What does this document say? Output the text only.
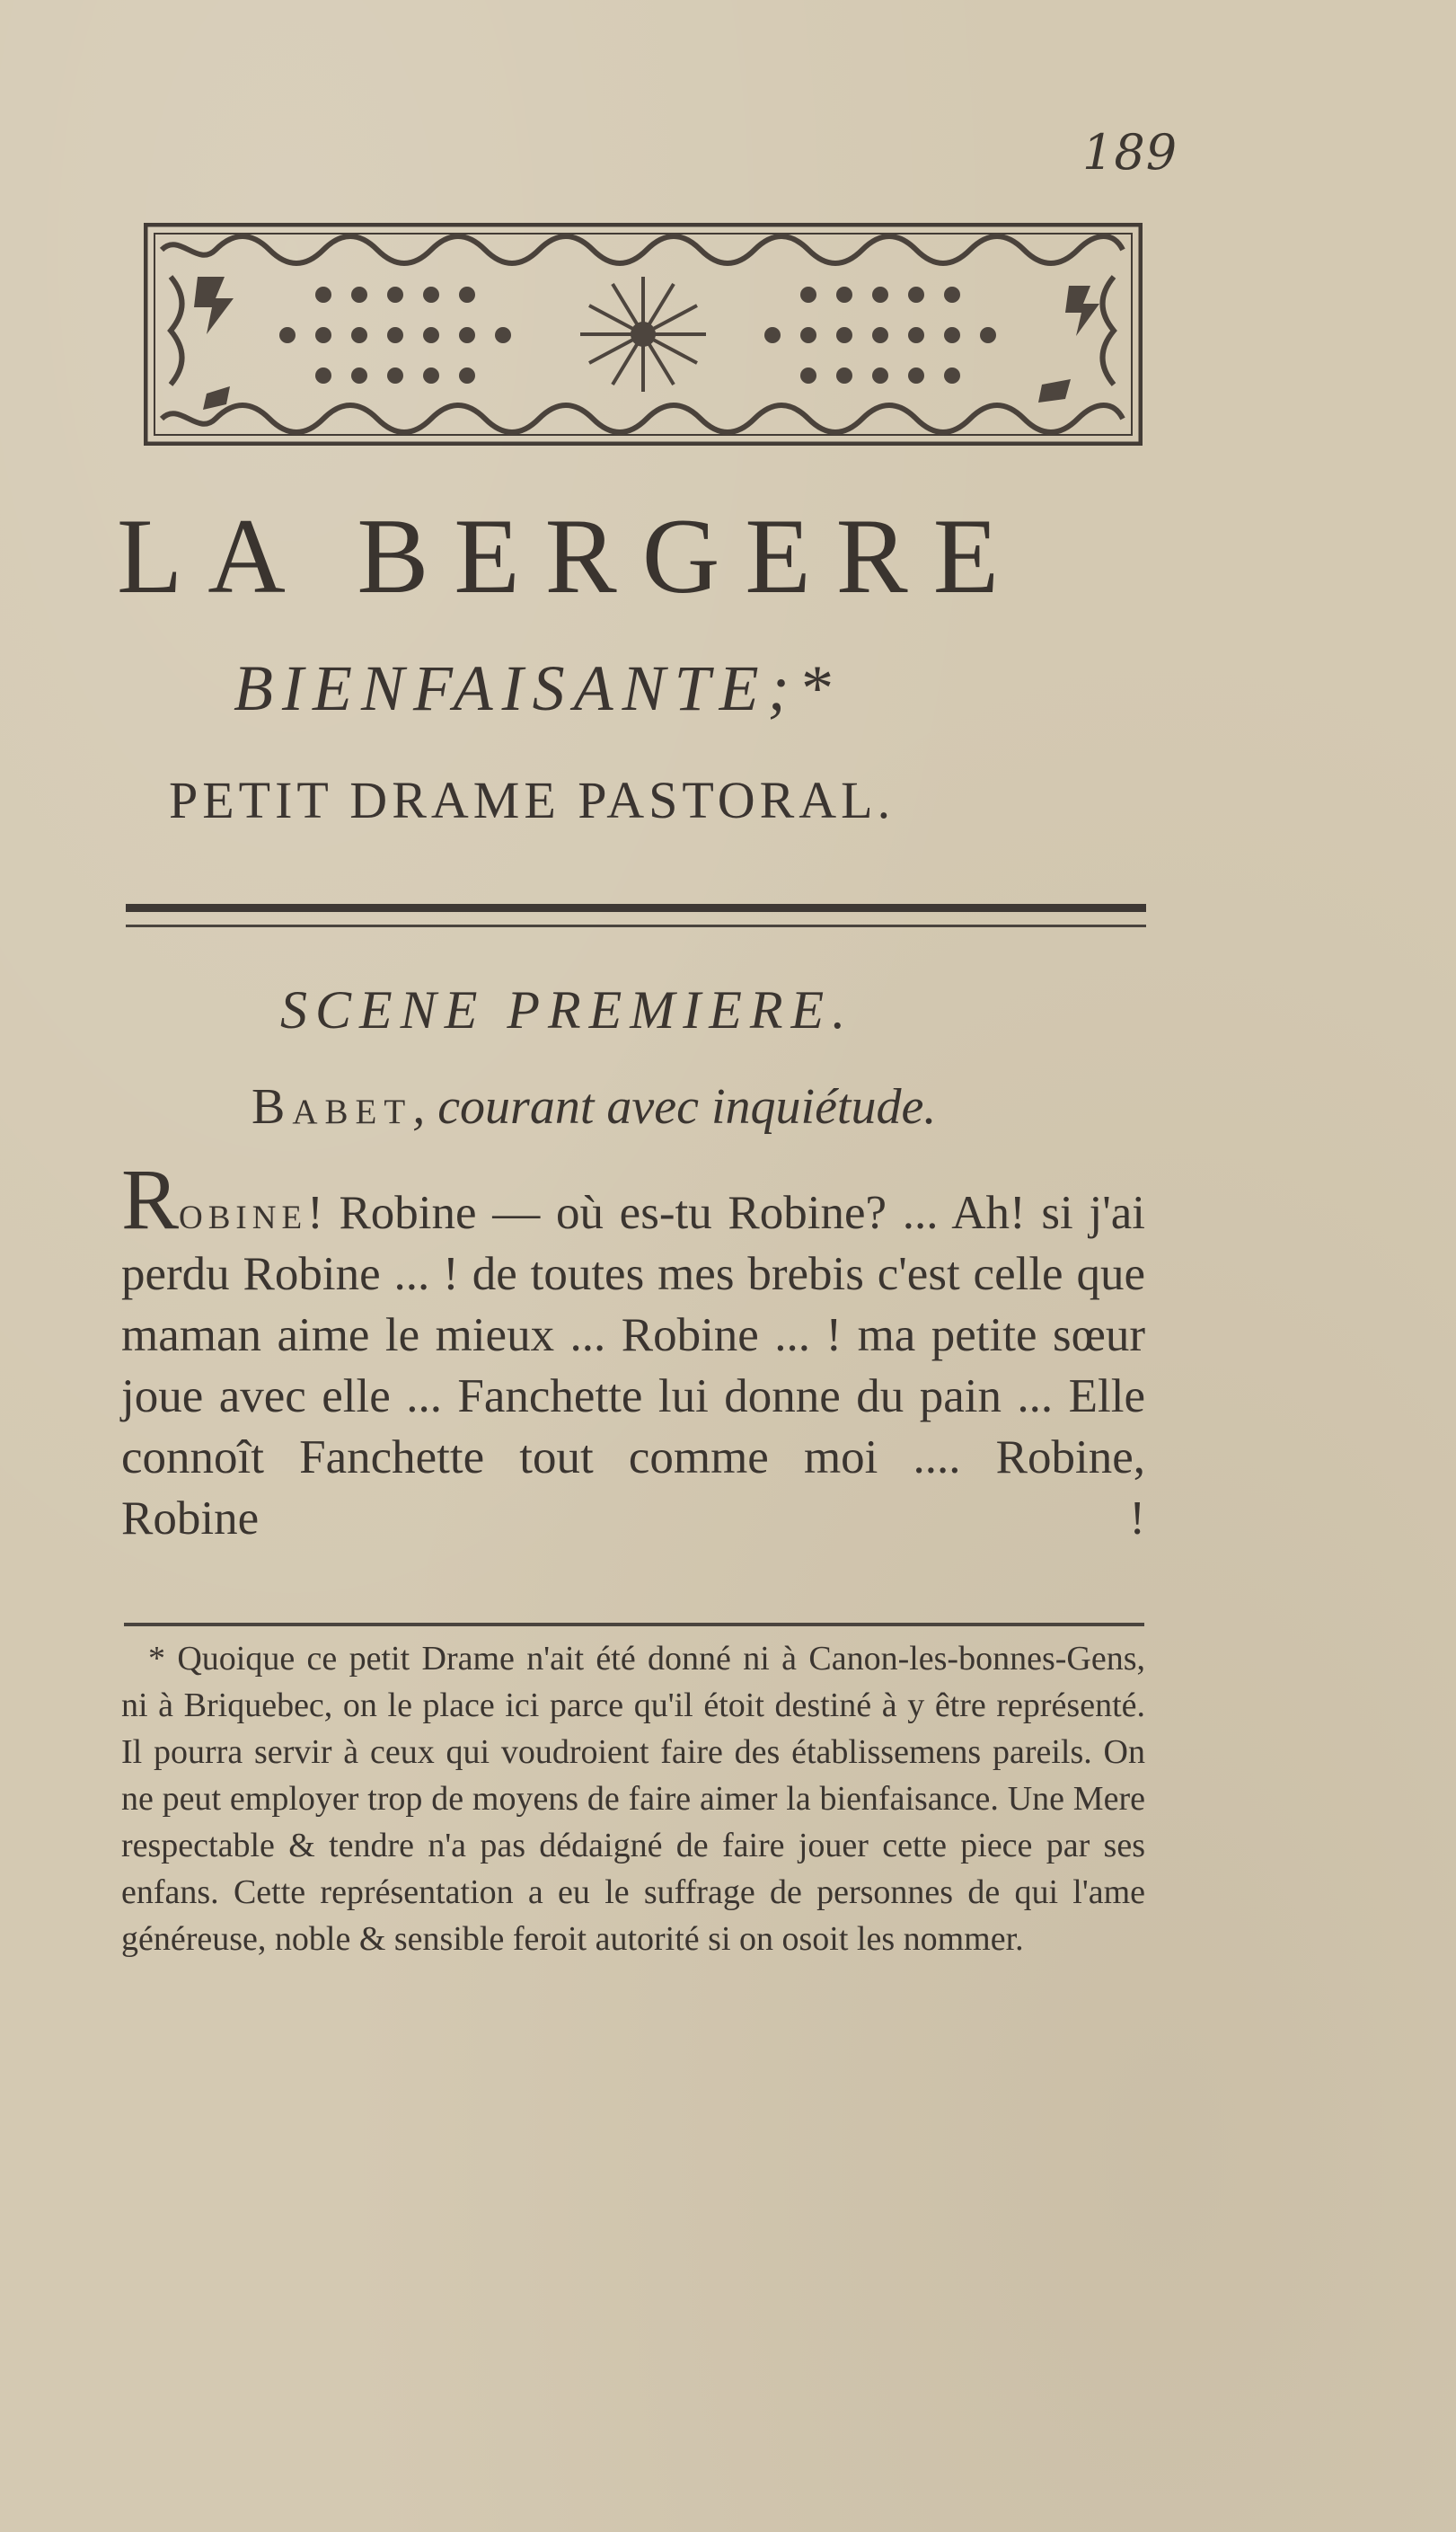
189
LA BERGERE
BIENFAISANTE;*
PETIT DRAME PASTORAL.
SCENE PREMIERE.
Babet, courant avec inquiétude.
Robine! Robine — où es-tu Robine? ... Ah! si j'ai perdu Robine ... ! de toutes mes brebis c'est celle que maman aime le mieux ... Robine ... ! ma petite sœur joue avec elle ... Fanchette lui donne du pain ... Elle connoît Fanchette tout comme moi .... Robine, Robine !
* Quoique ce petit Drame n'ait été donné ni à Canon-les-bonnes-Gens, ni à Briquebec, on le place ici parce qu'il étoit destiné à y être représenté. Il pourra servir à ceux qui voudroient faire des établissemens pareils. On ne peut employer trop de moyens de faire aimer la bienfaisance. Une Mere respectable & tendre n'a pas dédaigné de faire jouer cette piece par ses enfans. Cette représentation a eu le suffrage de personnes de qui l'ame généreuse, noble & sensible feroit autorité si on osoit les nommer.
